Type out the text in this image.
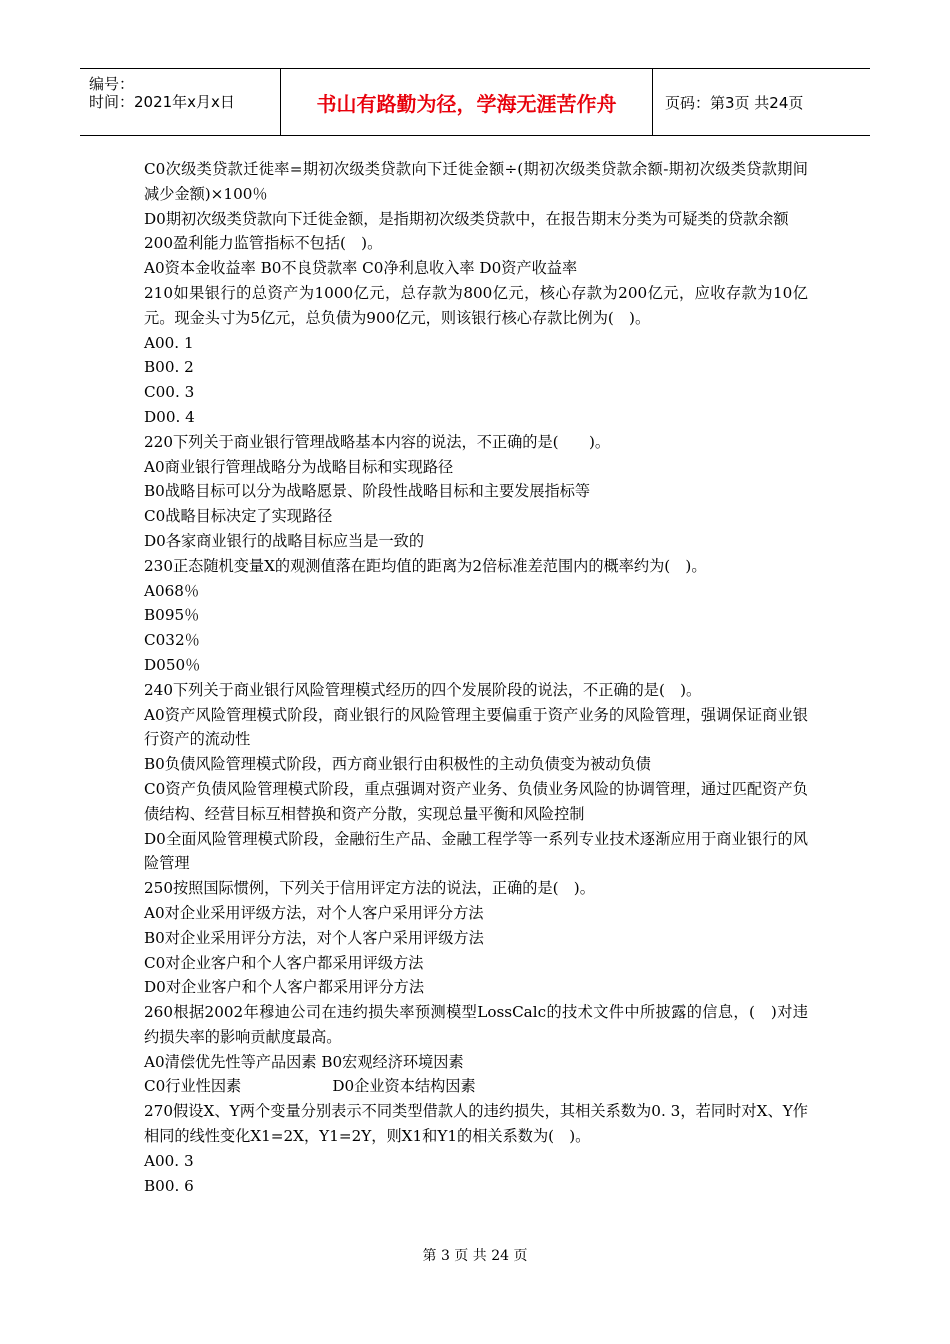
编号：
时间：2021年x月x日	书山有路勤为径，学海无涯苦作舟	页码：第3页 共24页

C0次级类贷款迁徙率=期初次级类贷款向下迁徙金额÷(期初次级类贷款余额-期初次级类贷款期间减少金额)×100％

D0期初次级类贷款向下迁徙金额，是指期初次级类贷款中，在报告期末分类为可疑类的贷款余额

200盈利能力监管指标不包括(　)。

A0资本金收益率 B0不良贷款率 C0净利息收入率 D0资产收益率

210如果银行的总资产为1000亿元，总存款为800亿元，核心存款为200亿元，应收存款为10亿元。现金头寸为5亿元，总负债为900亿元，则该银行核心存款比例为(　)。

A00. 1

B00. 2

C00. 3

D00. 4

220下列关于商业银行管理战略基本内容的说法，不正确的是(　　)。

A0商业银行管理战略分为战略目标和实现路径

B0战略目标可以分为战略愿景、阶段性战略目标和主要发展指标等

C0战略目标决定了实现路径

D0各家商业银行的战略目标应当是一致的

230正态随机变量X的观测值落在距均值的距离为2倍标准差范围内的概率约为(　)。

A068％

B095％

C032％

D050％

240下列关于商业银行风险管理模式经历的四个发展阶段的说法，不正确的是(　)。

A0资产风险管理模式阶段，商业银行的风险管理主要偏重于资产业务的风险管理，强调保证商业银行资产的流动性

B0负债风险管理模式阶段，西方商业银行由积极性的主动负债变为被动负债

C0资产负债风险管理模式阶段，重点强调对资产业务、负债业务风险的协调管理，通过匹配资产负债结构、经营目标互相替换和资产分散，实现总量平衡和风险控制

D0全面风险管理模式阶段，金融衍生产品、金融工程学等一系列专业技术逐渐应用于商业银行的风险管理

250按照国际惯例，下列关于信用评定方法的说法，正确的是(　)。

A0对企业采用评级方法，对个人客户采用评分方法

B0对企业采用评分方法，对个人客户采用评级方法

C0对企业客户和个人客户都采用评级方法

D0对企业客户和个人客户都采用评分方法

260根据2002年穆迪公司在违约损失率预测模型LossCalc的技术文件中所披露的信息，(　)对违约损失率的影响贡献度最高。

A0清偿优先性等产品因素 B0宏观经济环境因素

C0行业性因素　　　　　　D0企业资本结构因素

270假设X、Y两个变量分别表示不同类型借款人的违约损失，其相关系数为0. 3，若同时对X、Y作相同的线性变化X1=2X，Y1=2Y，则X1和Y1的相关系数为(　)。

A00. 3

B00. 6

第 3 页 共 24 页
